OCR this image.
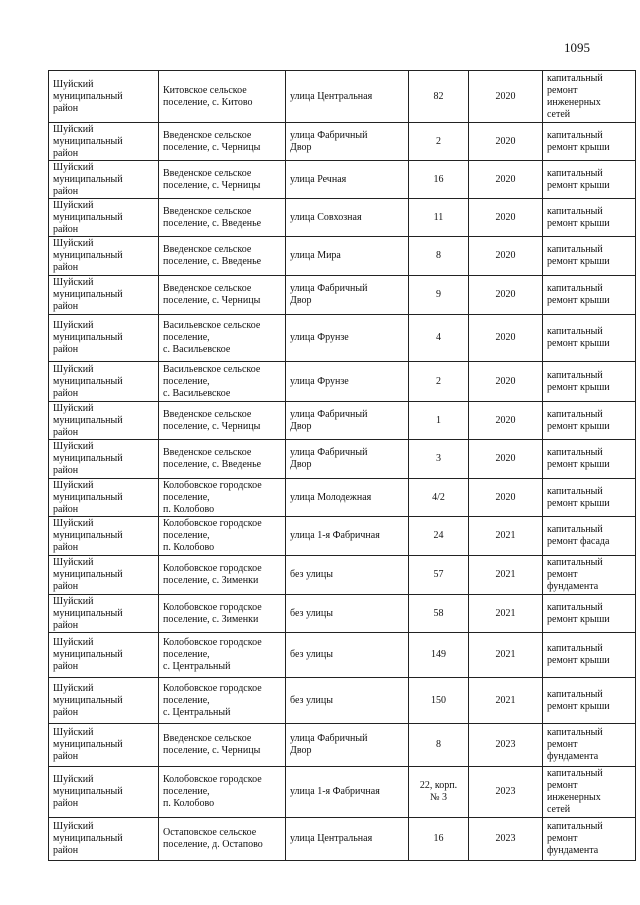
1095
Шуйский
муниципальный
район	Китовское сельское
поселение, с. Китово	улица Центральная	82	2020	капитальный
ремонт
инженерных
сетей
Шуйский
муниципальный
район	Введенское сельское
поселение, с. Черницы	улица Фабричный
Двор	2	2020	капитальный
ремонт крыши
Шуйский
муниципальный
район	Введенское сельское
поселение, с. Черницы	улица Речная	16	2020	капитальный
ремонт крыши
Шуйский
муниципальный
район	Введенское сельское
поселение, с. Введенье	улица Совхозная	11	2020	капитальный
ремонт крыши
Шуйский
муниципальный
район	Введенское сельское
поселение, с. Введенье	улица Мира	8	2020	капитальный
ремонт крыши
Шуйский
муниципальный
район	Введенское сельское
поселение, с. Черницы	улица Фабричный
Двор	9	2020	капитальный
ремонт крыши
Шуйский
муниципальный
район	Васильевское сельское
поселение,
с. Васильевское	улица Фрунзе	4	2020	капитальный
ремонт крыши
Шуйский
муниципальный
район	Васильевское сельское
поселение,
с. Васильевское	улица Фрунзе	2	2020	капитальный
ремонт крыши
Шуйский
муниципальный
район	Введенское сельское
поселение, с. Черницы	улица Фабричный
Двор	1	2020	капитальный
ремонт крыши
Шуйский
муниципальный
район	Введенское сельское
поселение, с. Введенье	улица Фабричный
Двор	3	2020	капитальный
ремонт крыши
Шуйский
муниципальный
район	Колобовское городское
поселение,
п. Колобово	улица Молодежная	4/2	2020	капитальный
ремонт крыши
Шуйский
муниципальный
район	Колобовское городское
поселение,
п. Колобово	улица 1-я Фабричная	24	2021	капитальный
ремонт фасада
Шуйский
муниципальный
район	Колобовское городское
поселение, с. Зименки	без улицы	57	2021	капитальный
ремонт
фундамента
Шуйский
муниципальный
район	Колобовское городское
поселение, с. Зименки	без улицы	58	2021	капитальный
ремонт крыши
Шуйский
муниципальный
район	Колобовское городское
поселение,
с. Центральный	без улицы	149	2021	капитальный
ремонт крыши
Шуйский
муниципальный
район	Колобовское городское
поселение,
с. Центральный	без улицы	150	2021	капитальный
ремонт крыши
Шуйский
муниципальный
район	Введенское сельское
поселение, с. Черницы	улица Фабричный
Двор	8	2023	капитальный
ремонт
фундамента
Шуйский
муниципальный
район	Колобовское городское
поселение,
п. Колобово	улица 1-я Фабричная	22, корп.
№ 3	2023	капитальный
ремонт
инженерных
сетей
Шуйский
муниципальный
район	Остаповское сельское
поселение, д. Остапово	улица Центральная	16	2023	капитальный
ремонт
фундамента
